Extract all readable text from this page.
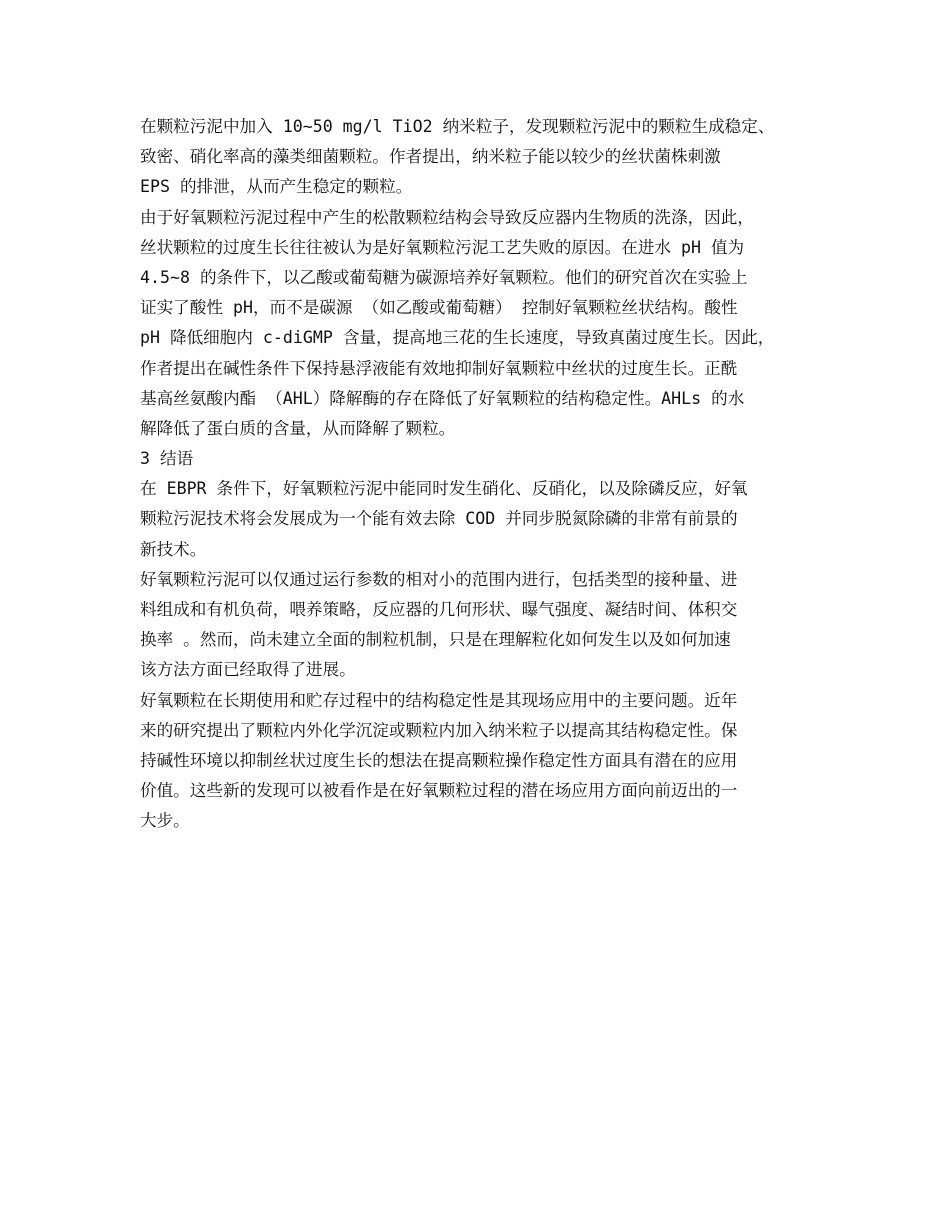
在颗粒污泥中加入 10~50 mg/l TiO2 纳米粒子，发现颗粒污泥中的颗粒生成稳定、
致密、硝化率高的藻类细菌颗粒。作者提出，纳米粒子能以较少的丝状菌株刺激
EPS 的排泄，从而产生稳定的颗粒。
由于好氧颗粒污泥过程中产生的松散颗粒结构会导致反应器内生物质的洗涤，因此，
丝状颗粒的过度生长往往被认为是好氧颗粒污泥工艺失败的原因。在进水 pH 值为
4.5~8 的条件下，以乙酸或葡萄糖为碳源培养好氧颗粒。他们的研究首次在实验上
证实了酸性 pH，而不是碳源 （如乙酸或葡萄糖） 控制好氧颗粒丝状结构。酸性
pH 降低细胞内 c-diGMP 含量，提高地三花的生长速度，导致真菌过度生长。因此，
作者提出在碱性条件下保持悬浮液能有效地抑制好氧颗粒中丝状的过度生长。正酰
基高丝氨酸内酯 （AHL）降解酶的存在降低了好氧颗粒的结构稳定性。AHLs 的水
解降低了蛋白质的含量，从而降解了颗粒。
3 结语
在 EBPR 条件下，好氧颗粒污泥中能同时发生硝化、反硝化，以及除磷反应，好氧
颗粒污泥技术将会发展成为一个能有效去除 COD 并同步脱氮除磷的非常有前景的
新技术。
好氧颗粒污泥可以仅通过运行参数的相对小的范围内进行，包括类型的接种量、进
料组成和有机负荷，喂养策略，反应器的几何形状、曝气强度、凝结时间、体积交
换率 。然而，尚未建立全面的制粒机制，只是在理解粒化如何发生以及如何加速
该方法方面已经取得了进展。
好氧颗粒在长期使用和贮存过程中的结构稳定性是其现场应用中的主要问题。近年
来的研究提出了颗粒内外化学沉淀或颗粒内加入纳米粒子以提高其结构稳定性。保
持碱性环境以抑制丝状过度生长的想法在提高颗粒操作稳定性方面具有潜在的应用
价值。这些新的发现可以被看作是在好氧颗粒过程的潜在场应用方面向前迈出的一
大步。
